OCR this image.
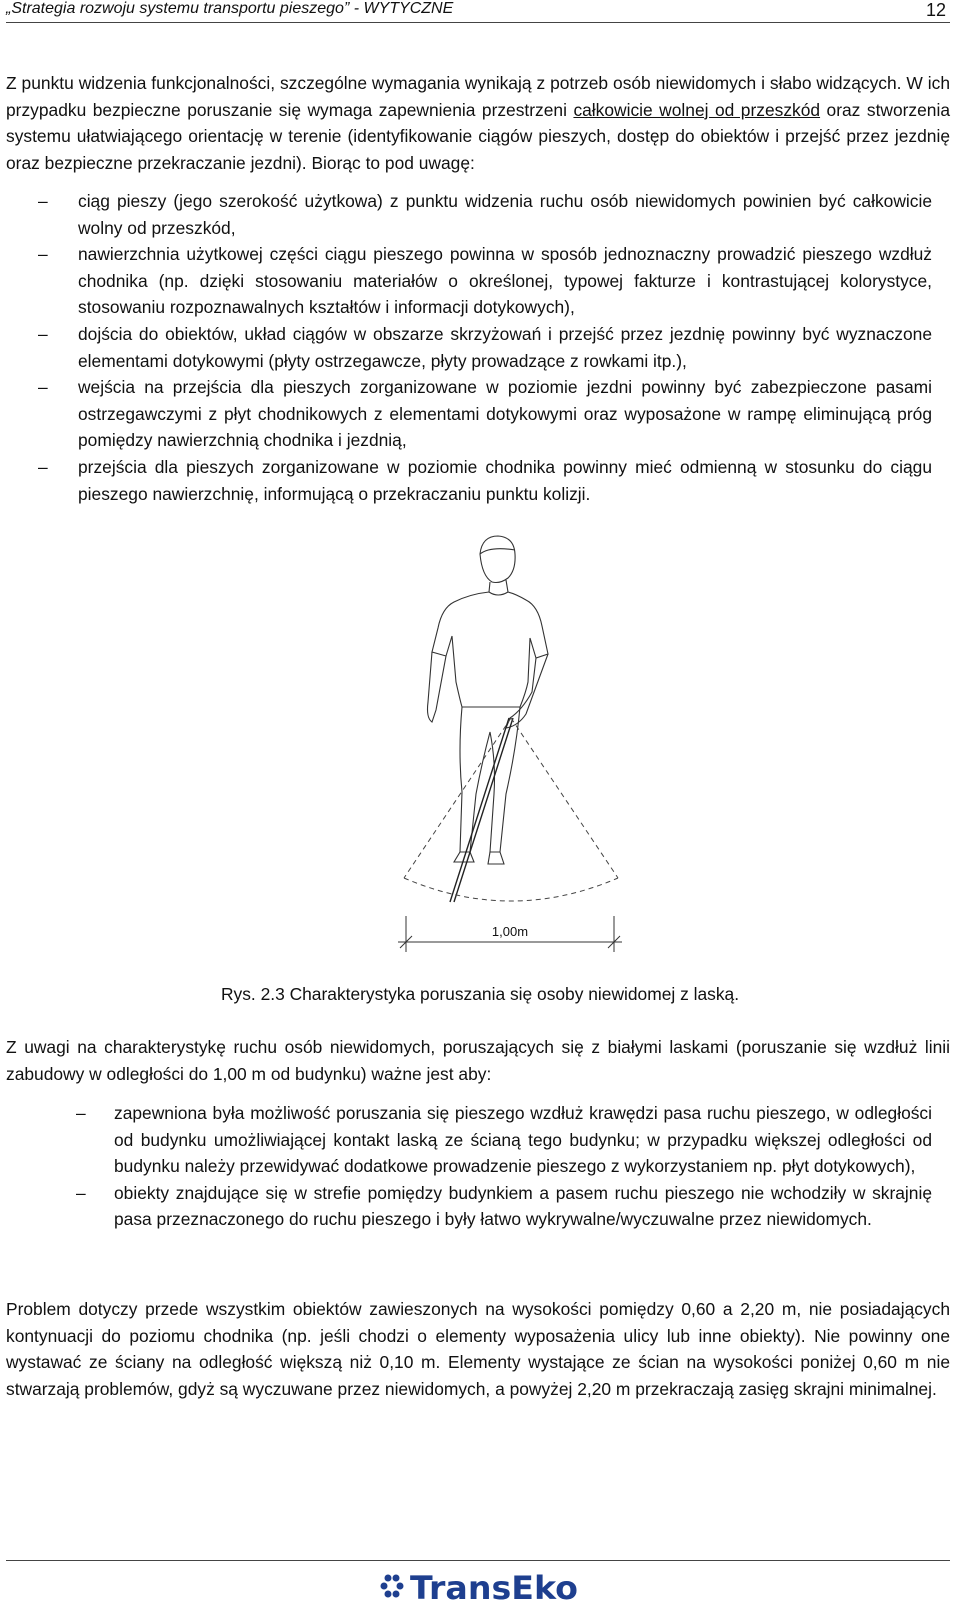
„Strategia rozwoju systemu transportu pieszego” - WYTYCZNE	12

Z punktu widzenia funkcjonalności, szczególne wymagania wynikają z potrzeb osób niewidomych i słabo widzących. W ich przypadku bezpieczne poruszanie się wymaga zapewnienia przestrzeni całkowicie wolnej od przeszkód oraz stworzenia systemu ułatwiającego orientację w terenie (identyfikowanie ciągów pieszych, dostęp do obiektów i przejść przez jezdnię oraz bezpieczne przekraczanie jezdni). Biorąc to pod uwagę:

– ciąg pieszy (jego szerokość użytkowa) z punktu widzenia ruchu osób niewidomych powinien być całkowicie wolny od przeszkód,
– nawierzchnia użytkowej części ciągu pieszego powinna w sposób jednoznaczny prowadzić pieszego wzdłuż chodnika (np. dzięki stosowaniu materiałów o określonej, typowej fakturze i kontrastującej kolorystyce, stosowaniu rozpoznawalnych kształtów i informacji dotykowych),
– dojścia do obiektów, układ ciągów w obszarze skrzyżowań i przejść przez jezdnię powinny być wyznaczone elementami dotykowymi (płyty ostrzegawcze, płyty prowadzące z rowkami itp.),
– wejścia na przejścia dla pieszych zorganizowane w poziomie jezdni powinny być zabezpieczone pasami ostrzegawczymi z płyt chodnikowych z elementami dotykowymi oraz wyposażone w rampę eliminującą próg pomiędzy nawierzchnią chodnika i jezdnią,
– przejścia dla pieszych zorganizowane w poziomie chodnika powinny mieć odmienną w stosunku do ciągu pieszego nawierzchnię, informującą o przekraczaniu punktu kolizji.
1,00m
Rys. 2.3 Charakterystyka poruszania się osoby niewidomej z laską.

Z uwagi na charakterystykę ruchu osób niewidomych, poruszających się z białymi laskami (poruszanie się wzdłuż linii zabudowy w odległości do 1,00 m od budynku) ważne jest aby:

– zapewniona była możliwość poruszania się pieszego wzdłuż krawędzi pasa ruchu pieszego, w odległości od budynku umożliwiającej kontakt laską ze ścianą tego budynku; w przypadku większej odległości od budynku należy przewidywać dodatkowe prowadzenie pieszego z wykorzystaniem np. płyt dotykowych),
– obiekty znajdujące się w strefie pomiędzy budynkiem a pasem ruchu pieszego nie wchodziły w skrajnię pasa przeznaczonego do ruchu pieszego i były łatwo wykrywalne/wyczuwalne przez niewidomych.

Problem dotyczy przede wszystkim obiektów zawieszonych na wysokości pomiędzy 0,60 a 2,20 m, nie posiadających kontynuacji do poziomu chodnika (np. jeśli chodzi o elementy wyposażenia ulicy lub inne obiekty). Nie powinny one wystawać ze ściany na odległość większą niż 0,10 m. Elementy wystające ze ścian na wysokości poniżej 0,60 m nie stwarzają problemów, gdyż są wyczuwane przez niewidomych, a powyżej 2,20 m przekraczają zasięg skrajni minimalnej.

TransEko
